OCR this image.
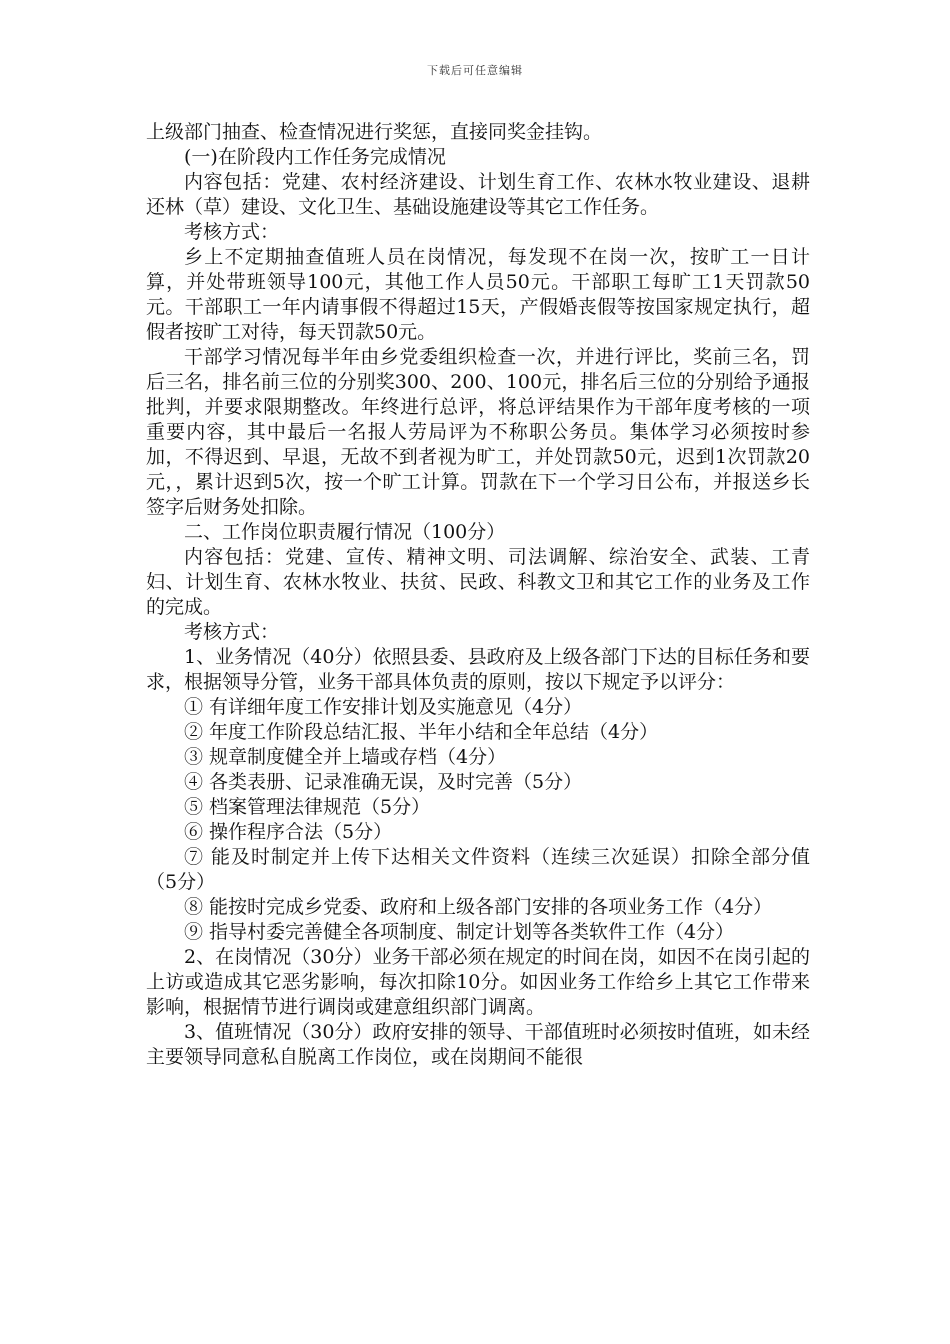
下载后可任意编辑

上级部门抽查、检查情况进行奖惩，直接同奖金挂钩。

(一)在阶段内工作任务完成情况

内容包括：党建、农村经济建设、计划生育工作、农林水牧业建设、退耕还林（草）建设、文化卫生、基础设施建设等其它工作任务。

考核方式：

乡上不定期抽查值班人员在岗情况，每发现不在岗一次，按旷工一日计算，并处带班领导100元，其他工作人员50元。干部职工每旷工1天罚款50元。干部职工一年内请事假不得超过15天，产假婚丧假等按国家规定执行，超假者按旷工对待，每天罚款50元。

干部学习情况每半年由乡党委组织检查一次，并进行评比，奖前三名，罚后三名，排名前三位的分别奖300、200、100元，排名后三位的分别给予通报批判，并要求限期整改。年终进行总评，将总评结果作为干部年度考核的一项重要内容，其中最后一名报人劳局评为不称职公务员。集体学习必须按时参加，不得迟到、早退，无故不到者视为旷工，并处罚款50元，迟到1次罚款20元，，累计迟到5次，按一个旷工计算。罚款在下一个学习日公布，并报送乡长签字后财务处扣除。

二、工作岗位职责履行情况（100分）

内容包括：党建、宣传、精神文明、司法调解、综治安全、武装、工青妇、计划生育、农林水牧业、扶贫、民政、科教文卫和其它工作的业务及工作的完成。

考核方式：

1、业务情况（40分）依照县委、县政府及上级各部门下达的目标任务和要求，根据领导分管，业务干部具体负责的原则，按以下规定予以评分：

① 有详细年度工作安排计划及实施意见（4分）

② 年度工作阶段总结汇报、半年小结和全年总结（4分）

③ 规章制度健全并上墙或存档（4分）

④ 各类表册、记录准确无误，及时完善（5分）

⑤ 档案管理法律规范（5分）

⑥ 操作程序合法（5分）

⑦ 能及时制定并上传下达相关文件资料（连续三次延误）扣除全部分值（5分）

⑧ 能按时完成乡党委、政府和上级各部门安排的各项业务工作（4分）

⑨ 指导村委完善健全各项制度、制定计划等各类软件工作（4分）

2、在岗情况（30分）业务干部必须在规定的时间在岗，如因不在岗引起的上访或造成其它恶劣影响，每次扣除10分。如因业务工作给乡上其它工作带来影响，根据情节进行调岗或建意组织部门调离。

3、值班情况（30分）政府安排的领导、干部值班时必须按时值班，如未经主要领导同意私自脱离工作岗位，或在岗期间不能很
